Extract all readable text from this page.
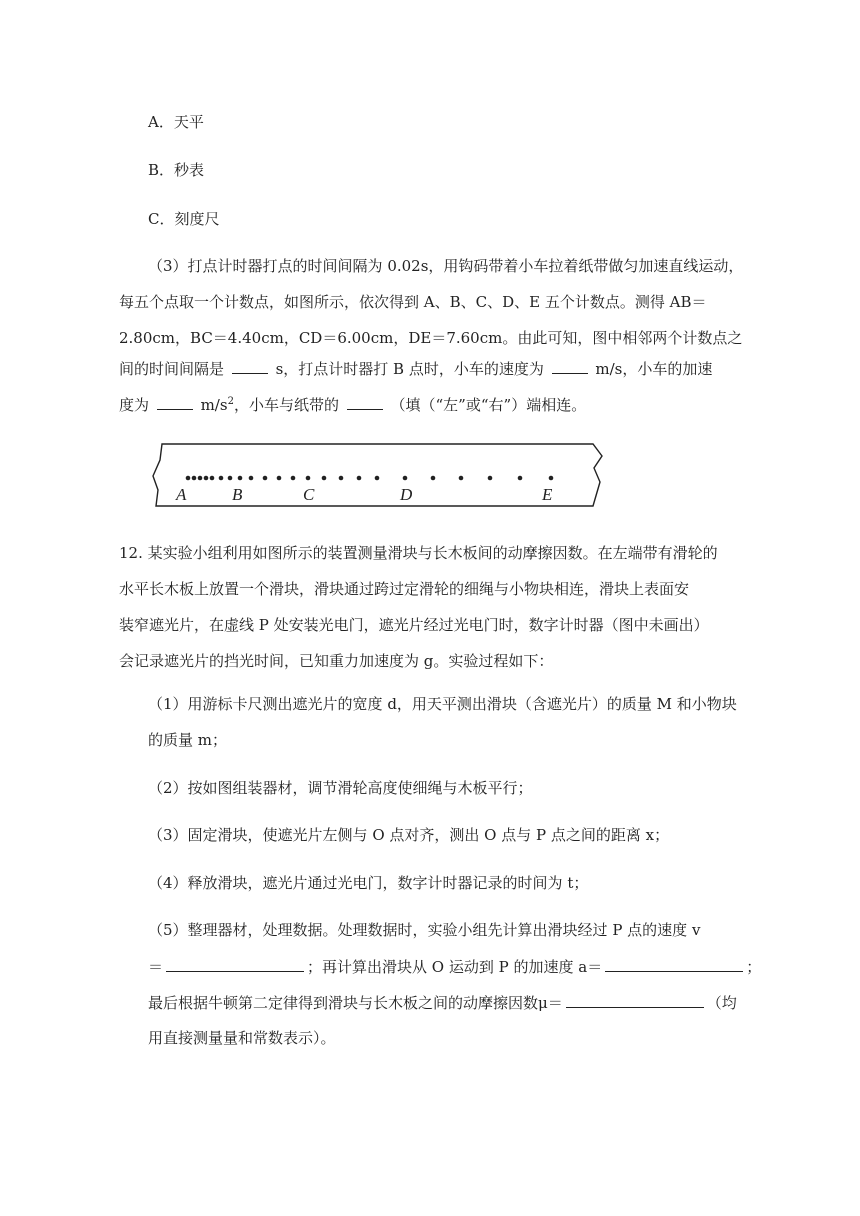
A．天平
B．秒表
C．刻度尺
（3）打点计时器打点的时间间隔为 0.02s，用钩码带着小车拉着纸带做匀加速直线运动，
每五个点取一个计数点，如图所示，依次得到 A、B、C、D、E 五个计数点。测得 AB＝
2.80cm，BC＝4.40cm，CD＝6.00cm，DE＝7.60cm。由此可知，图中相邻两个计数点之
间的时间间隔是	s，打点计时器打 B 点时，小车的速度为	m/s，小车的加速
度为	$m/s^2$，小车与纸带的	（填（“左”或“右”）端相连。
A	B	C	D	E
12. 某实验小组利用如图所示的装置测量滑块与长木板间的动摩擦因数。在左端带有滑轮的
水平长木板上放置一个滑块，滑块通过跨过定滑轮的细绳与小物块相连，滑块上表面安
装窄遮光片，在虚线 P 处安装光电门，遮光片经过光电门时，数字计时器（图中未画出）
会记录遮光片的挡光时间，已知重力加速度为 g。实验过程如下：
（1）用游标卡尺测出遮光片的宽度 d，用天平测出滑块（含遮光片）的质量 M 和小物块
的质量 m；
（2）按如图组装器材，调节滑轮高度使细绳与木板平行；
（3）固定滑块，使遮光片左侧与 O 点对齐，测出 O 点与 P 点之间的距离 x；
（4）释放滑块，遮光片通过光电门，数字计时器记录的时间为 t；
（5）整理器材，处理数据。处理数据时，实验小组先计算出滑块经过 P 点的速度 v
＝	；再计算出滑块从 O 运动到 P 的加速度 a＝	；
最后根据牛顿第二定律得到滑块与长木板之间的动摩擦因数μ＝	（均
用直接测量量和常数表示）。
